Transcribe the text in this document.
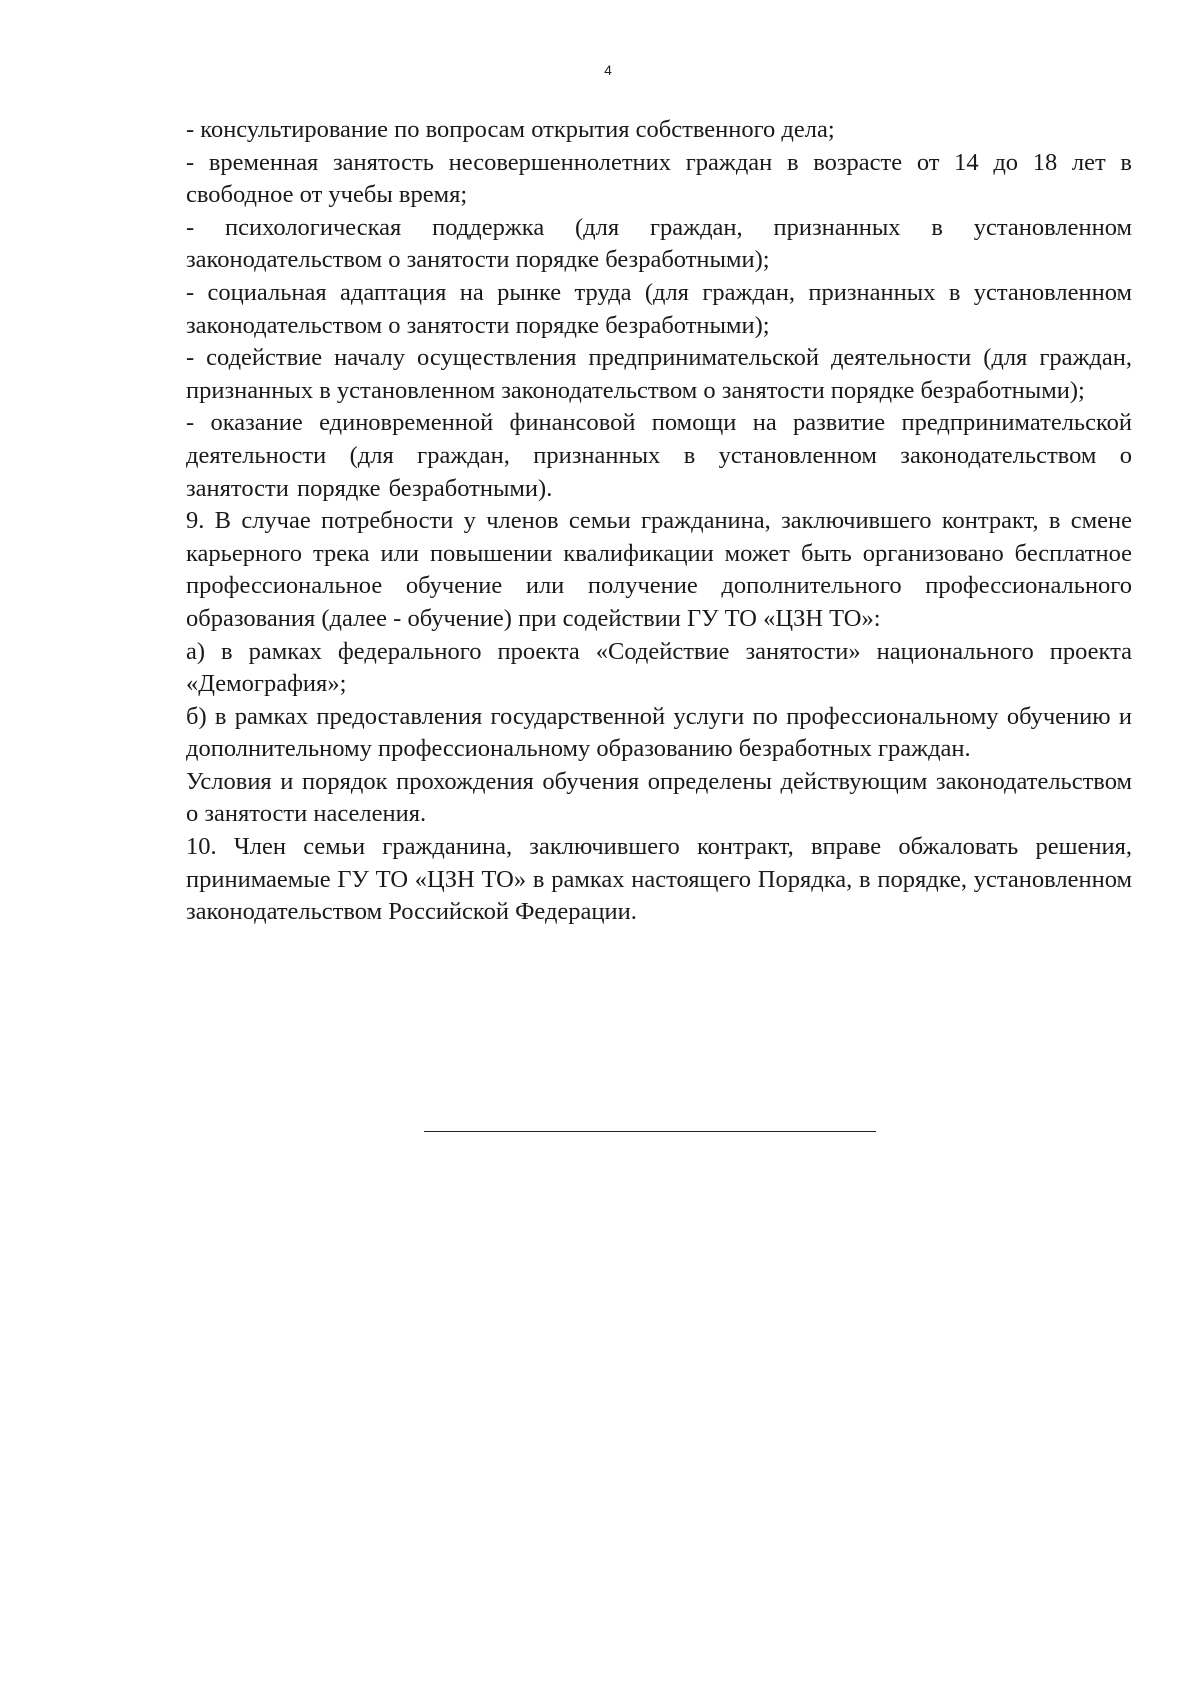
4

- консультирование по вопросам открытия собственного дела;

- временная занятость несовершеннолетних граждан в возрасте от 14 до 18 лет в свободное от учебы время;

- психологическая поддержка (для граждан, признанных в установленном законодательством о занятости порядке безработными);

- социальная адаптация на рынке труда (для граждан, признанных в установленном законодательством о занятости порядке безработными);

- содействие началу осуществления предпринимательской деятельности (для граждан, признанных в установленном законодательством о занятости порядке безработными);

- оказание единовременной финансовой помощи на развитие предпринимательской деятельности (для граждан, признанных в установленном законодательством о занятости порядке безработными).

9. В случае потребности у членов семьи гражданина, заключившего контракт, в смене карьерного трека или повышении квалификации может быть организовано бесплатное профессиональное обучение или получение дополнительного профессионального образования (далее - обучение) при содействии ГУ ТО «ЦЗН ТО»:

а) в рамках федерального проекта «Содействие занятости» национального проекта «Демография»;

б) в рамках предоставления государственной услуги по профессиональному обучению и дополнительному профессиональному образованию безработных граждан.

Условия и порядок прохождения обучения определены действующим законодательством о занятости населения.

10. Член семьи гражданина, заключившего контракт, вправе обжаловать решения, принимаемые ГУ ТО «ЦЗН ТО» в рамках настоящего Порядка, в порядке, установленном законодательством Российской Федерации.
